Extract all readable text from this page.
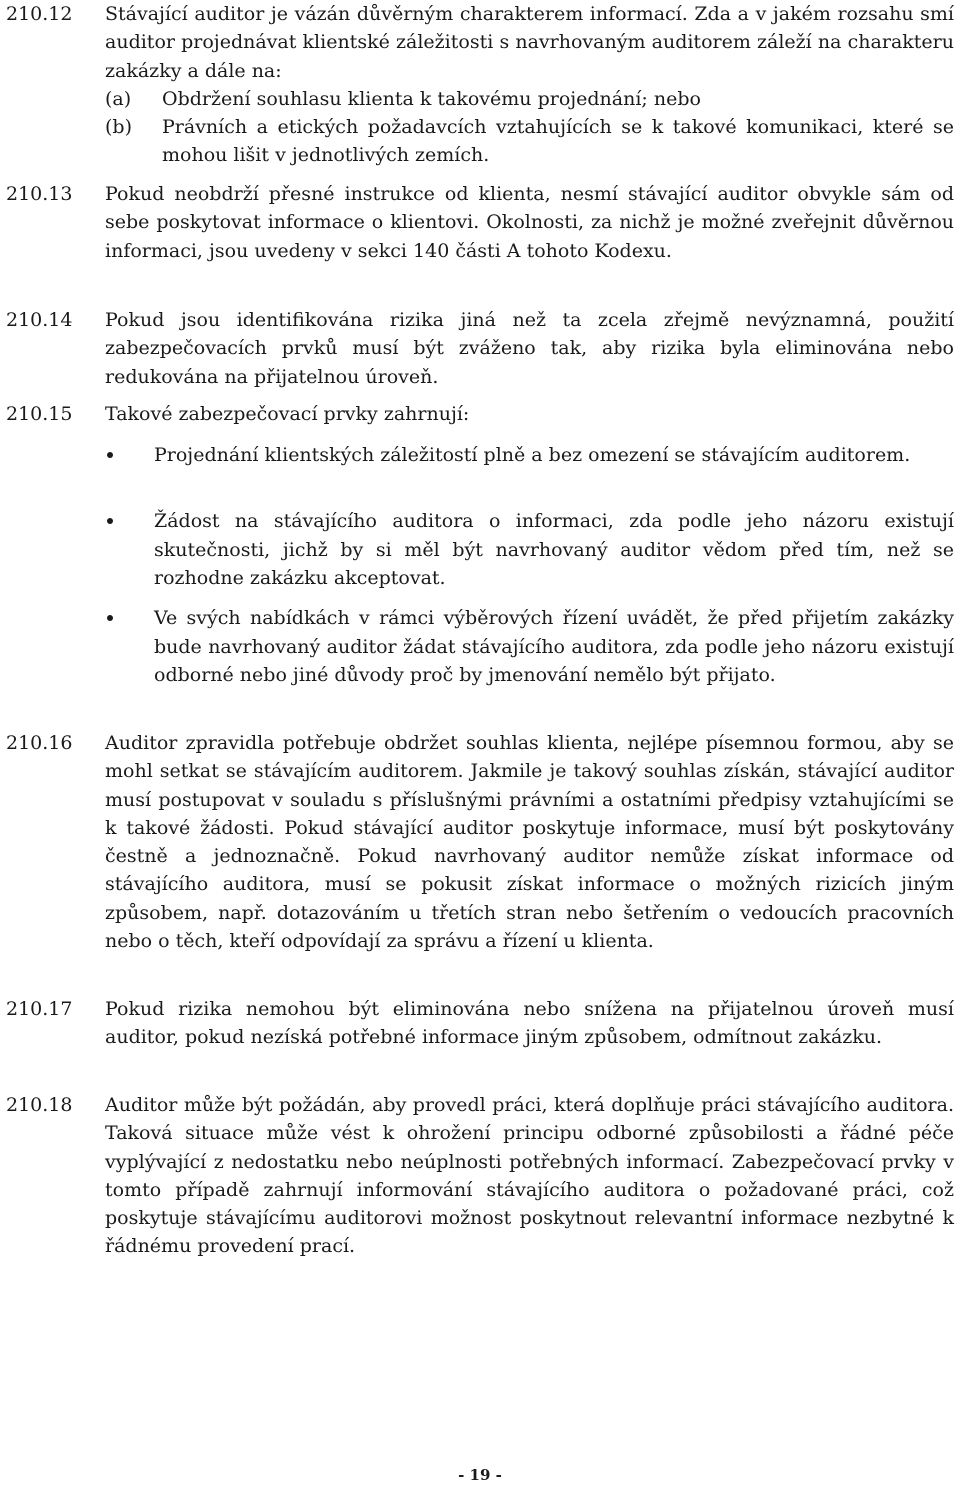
210.12 Stávající auditor je vázán důvěrným charakterem informací. Zda a v jakém rozsahu smí auditor projednávat klientské záležitosti s navrhovaným auditorem záleží na charakteru zakázky a dále na:
(a)	Obdržení souhlasu klienta k takovému projednání; nebo
(b)	Právních a etických požadavcích vztahujících se k takové komunikaci, které se mohou lišit v jednotlivých zemích.
210.13 Pokud neobdrží přesné instrukce od klienta, nesmí stávající auditor obvykle sám od sebe poskytovat informace o klientovi. Okolnosti, za nichž je možné zveřejnit důvěrnou informaci, jsou uvedeny v sekci 140 části A tohoto Kodexu.
210.14 Pokud jsou identifikována rizika jiná než ta zcela zřejmě nevýznamná, použití zabezpečovacích prvků musí být zváženo tak, aby rizika byla eliminována nebo redukována na přijatelnou úroveň.
210.15 Takové zabezpečovací prvky zahrnují:
Projednání klientských záležitostí plně a bez omezení se stávajícím auditorem.
Žádost na stávajícího auditora o informaci, zda podle jeho názoru existují skutečnosti, jichž by si měl být navrhovaný auditor vědom před tím, než se rozhodne zakázku akceptovat.
Ve svých nabídkách v rámci výběrových řízení uvádět, že před přijetím zakázky bude navrhovaný auditor žádat stávajícího auditora, zda podle jeho názoru existují odborné nebo jiné důvody proč by jmenování nemělo být přijato.
210.16 Auditor zpravidla potřebuje obdržet souhlas klienta, nejlépe písemnou formou, aby se mohl setkat se stávajícím auditorem. Jakmile je takový souhlas získán, stávající auditor musí postupovat v souladu s příslušnými právními a ostatními předpisy vztahujícími se k takové žádosti. Pokud stávající auditor poskytuje informace, musí být poskytovány čestně a jednoznačně. Pokud navrhovaný auditor nemůže získat informace od stávajícího auditora, musí se pokusit získat informace o možných rizicích jiným způsobem, např. dotazováním u třetích stran nebo šetřením o vedoucích pracovních nebo o těch, kteří odpovídají za správu a řízení u klienta.
210.17 Pokud rizika nemohou být eliminována nebo snížena na přijatelnou úroveň musí auditor, pokud nezíská potřebné informace jiným způsobem, odmítnout zakázku.
210.18 Auditor může být požádán, aby provedl práci, která doplňuje práci stávajícího auditora. Taková situace může vést k ohrožení principu odborné způsobilosti a řádné péče vyplývající z nedostatku nebo neúplnosti potřebných informací. Zabezpečovací prvky v tomto případě zahrnují informování stávajícího auditora o požadované práci, což poskytuje stávajícímu auditorovi možnost poskytnout relevantní informace nezbytné k řádnému provedení prací.
- 19 -
